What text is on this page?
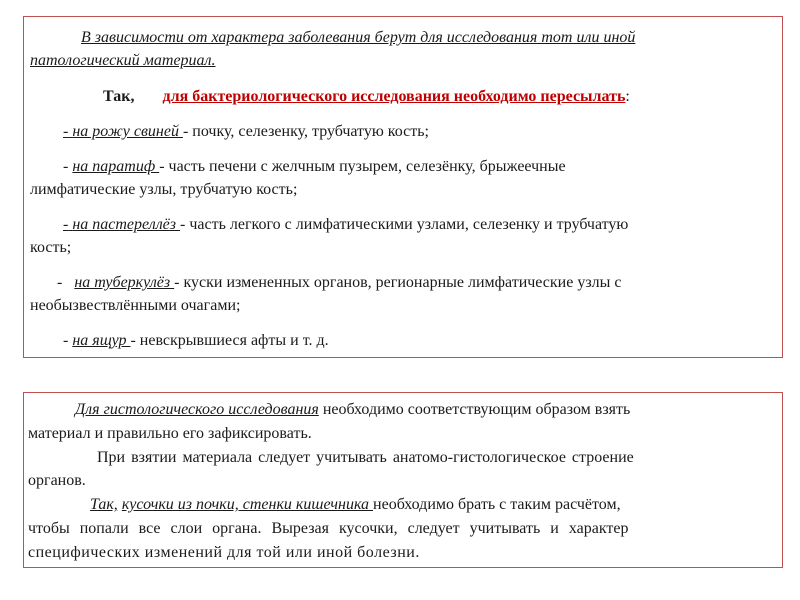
В зависимости от характера заболевания берут для исследования тот или иной
патологический материал.
Так, для бактериологического исследования необходимо пересылать:
- на рожу свиней - почку, селезенку, трубчатую кость;
- на паратиф - часть печени с желчным пузырем, селезёнку, брыжеечные
лимфатические узлы, трубчатую кость;
- на пастереллёз - часть легкого с лимфатическими узлами, селезенку и трубчатую
кость;
- на туберкулёз - куски измененных органов, регионарные лимфатические узлы с
необызвествлёнными очагами;
- на ящур - невскрывшиеся афты и т. д.
Для гистологического исследования необходимо соответствующим образом взять
материал и правильно его зафиксировать.
При взятии материала следует учитывать анатомо-гистологическое строение
органов.
Так, кусочки из почки, стенки кишечника необходимо брать с таким расчётом,
чтобы попали все слои органа. Вырезая кусочки, следует учитывать и характер
специфических изменений для той или иной болезни.
